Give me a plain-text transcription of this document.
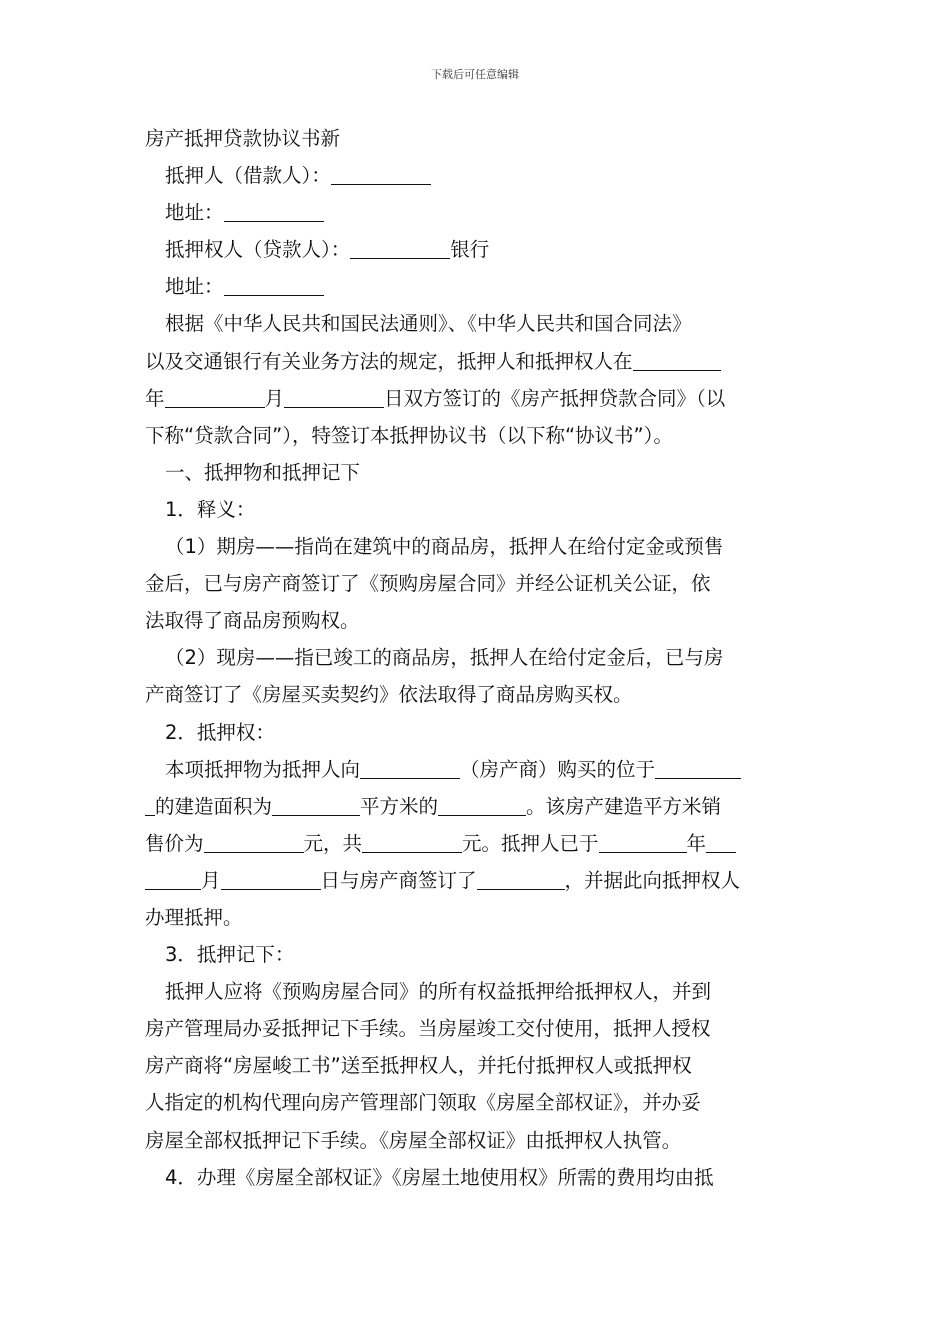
下载后可任意编辑
房产抵押贷款协议书新
抵押人（借款人）：
地址：
抵押权人（贷款人）：	银行
地址：
根据《中华人民共和国民法通则》、《中华人民共和国合同法》
以及交通银行有关业务方法的规定，抵押人和抵押权人在
年	月	日双方签订的《房产抵押贷款合同》（以
下称“贷款合同”），特签订本抵押协议书（以下称“协议书”）。
一、抵押物和抵押记下
1．释义：
（1）期房——指尚在建筑中的商品房，抵押人在给付定金或预售
金后，已与房产商签订了《预购房屋合同》并经公证机关公证，依
法取得了商品房预购权。
（2）现房——指已竣工的商品房，抵押人在给付定金后，已与房
产商签订了《房屋买卖契约》依法取得了商品房购买权。
2．抵押权：
本项抵押物为抵押人向	（房产商）购买的位于
的建造面积为	平方米的	。该房产建造平方米销
售价为	元，共	元。抵押人已于	年
月	日与房产商签订了	，并据此向抵押权人
办理抵押。
3．抵押记下：
抵押人应将《预购房屋合同》的所有权益抵押给抵押权人，并到
房产管理局办妥抵押记下手续。当房屋竣工交付使用，抵押人授权
房产商将“房屋峻工书”送至抵押权人，并托付抵押权人或抵押权
人指定的机构代理向房产管理部门领取《房屋全部权证》，并办妥
房屋全部权抵押记下手续。《房屋全部权证》由抵押权人执管。
4．办理《房屋全部权证》《房屋土地使用权》所需的费用均由抵
